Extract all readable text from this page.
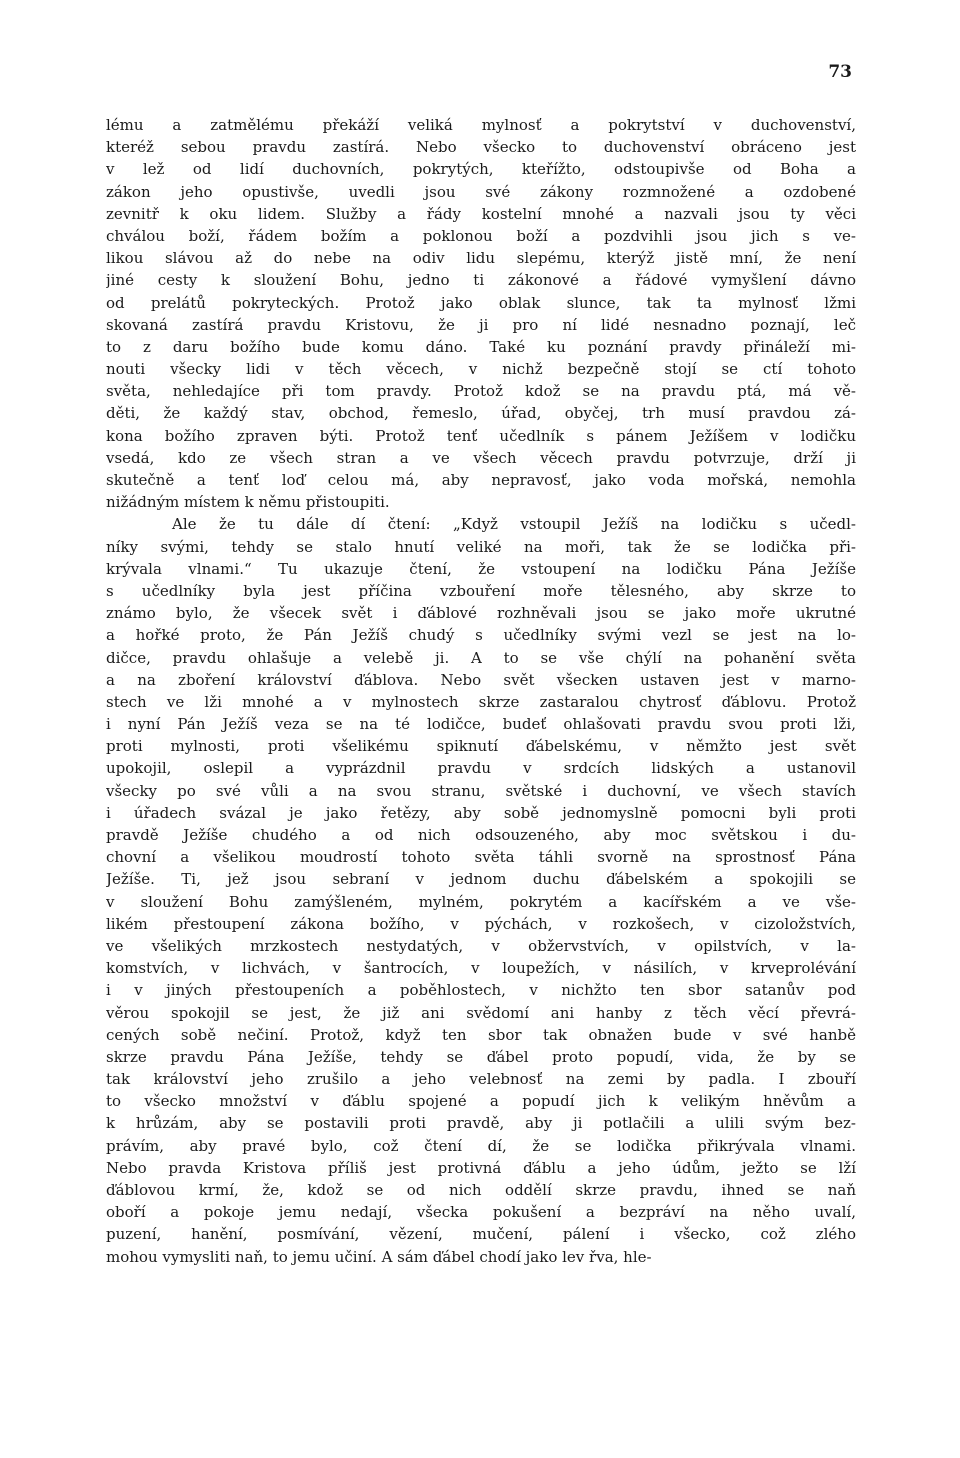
73
lému a zatmělému překáží veliká mylnosť a pokrytství v duchovenství,
kteréž sebou pravdu zastírá. Nebo všecko to duchovenství obráceno jest
v lež od lidí duchovních, pokrytých, kteřížto, odstoupivše od Boha a
zákon jeho opustivše, uvedli jsou své zákony rozmnožené a ozdobené
zevnitř k oku lidem. Služby a řády kostelní mnohé a nazvali jsou ty věci
chválou boží, řádem božím a poklonou boží a pozdvihli jsou jich s ve-
likou slávou až do nebe na odiv lidu slepému, kterýž jistě mní, že není
jiné cesty k sloužení Bohu, jedno ti zákonové a řádové vymyšlení dávno
od prelátů pokryteckých. Protož jako oblak slunce, tak ta mylnosť lžmi
skovaná zastírá pravdu Kristovu, že ji pro ní lidé nesnadno poznají, leč
to z daru božího bude komu dáno. Také ku poznání pravdy přináleží mi-
nouti všecky lidi v těch věcech, v nichž bezpečně stojí se ctí tohoto
světa, nehledajíce při tom pravdy. Protož kdož se na pravdu ptá, má vě-
děti, že každý stav, obchod, řemeslo, úřad, obyčej, trh musí pravdou zá-
kona božího zpraven býti. Protož tenť učedlník s pánem Ježíšem v lodičku
vsedá, kdo ze všech stran a ve všech věcech pravdu potvrzuje, drží ji
skutečně a tenť loď celou má, aby nepravosť, jako voda mořská, nemohla
nižádným místem k němu přistoupiti.
Ale že tu dále dí čtení: „Když vstoupil Ježíš na lodičku s učedl-
níky svými, tehdy se stalo hnutí veliké na moři, tak že se lodička při-
krývala vlnami.“ Tu ukazuje čtení, že vstoupení na lodičku Pána Ježíše
s učedlníky byla jest příčina vzbouření moře tělesného, aby skrze to
známo bylo, že všecek svět i ďáblové rozhněvali jsou se jako moře ukrutné
a hořké proto, že Pán Ježíš chudý s učedlníky svými vezl se jest na lo-
dičce, pravdu ohlašuje a velebě ji. A to se vše chýlí na pohanění světa
a na zboření království ďáblova. Nebo svět všecken ustaven jest v marno-
stech ve lži mnohé a v mylnostech skrze zastaralou chytrosť ďáblovu. Protož
i nyní Pán Ježíš veza se na té lodičce, budeť ohlašovati pravdu svou proti lži,
proti mylnosti, proti všelikému spiknutí ďábelskému, v němžto jest svět
upokojil, oslepil a vyprázdnil pravdu v srdcích lidských a ustanovil
všecky po své vůli a na svou stranu, světské i duchovní, ve všech stavích
i úřadech svázal je jako řetězy, aby sobě jednomyslně pomocni byli proti
pravdě Ježíše chudého a od nich odsouzeného, aby moc světskou i du-
chovní a všelikou moudrostí tohoto světa táhli svorně na sprostnosť Pána
Ježíše. Ti, jež jsou sebraní v jednom duchu ďábelském a spokojili se
v sloužení Bohu zamýšleném, mylném, pokrytém a kacířském a ve vše-
likém přestoupení zákona božího, v pýchách, v rozkošech, v cizoložstvích,
ve všelikých mrzkostech nestydatých, v obžervstvích, v opilstvích, v la-
komstvích, v lichvách, v šantrocích, v loupežích, v násilích, v krveprolévání
i v jiných přestoupeních a poběhlostech, v nichžto ten sbor satanův pod
věrou spokojil se jest, že již ani svědomí ani hanby z těch věcí převrá-
cených sobě nečiní. Protož, když ten sbor tak obnažen bude v své hanbě
skrze pravdu Pána Ježíše, tehdy se ďábel proto popudí, vida, že by se
tak království jeho zrušilo a jeho velebnosť na zemi by padla. I zbouří
to všecko množství v ďáblu spojené a popudí jich k velikým hněvům a
k hrůzám, aby se postavili proti pravdě, aby ji potlačili a ulili svým bez-
právím, aby pravé bylo, což čtení dí, že se lodička přikrývala vlnami.
Nebo pravda Kristova příliš jest protivná ďáblu a jeho údům, ježto se lží
ďáblovou krmí, že, kdož se od nich oddělí skrze pravdu, ihned se naň
oboří a pokoje jemu nedají, všecka pokušení a bezpráví na něho uvalí,
puzení, hanění, posmívání, vězení, mučení, pálení i všecko, což zlého
mohou vymysliti naň, to jemu učiní. A sám ďábel chodí jako lev řva, hle-
